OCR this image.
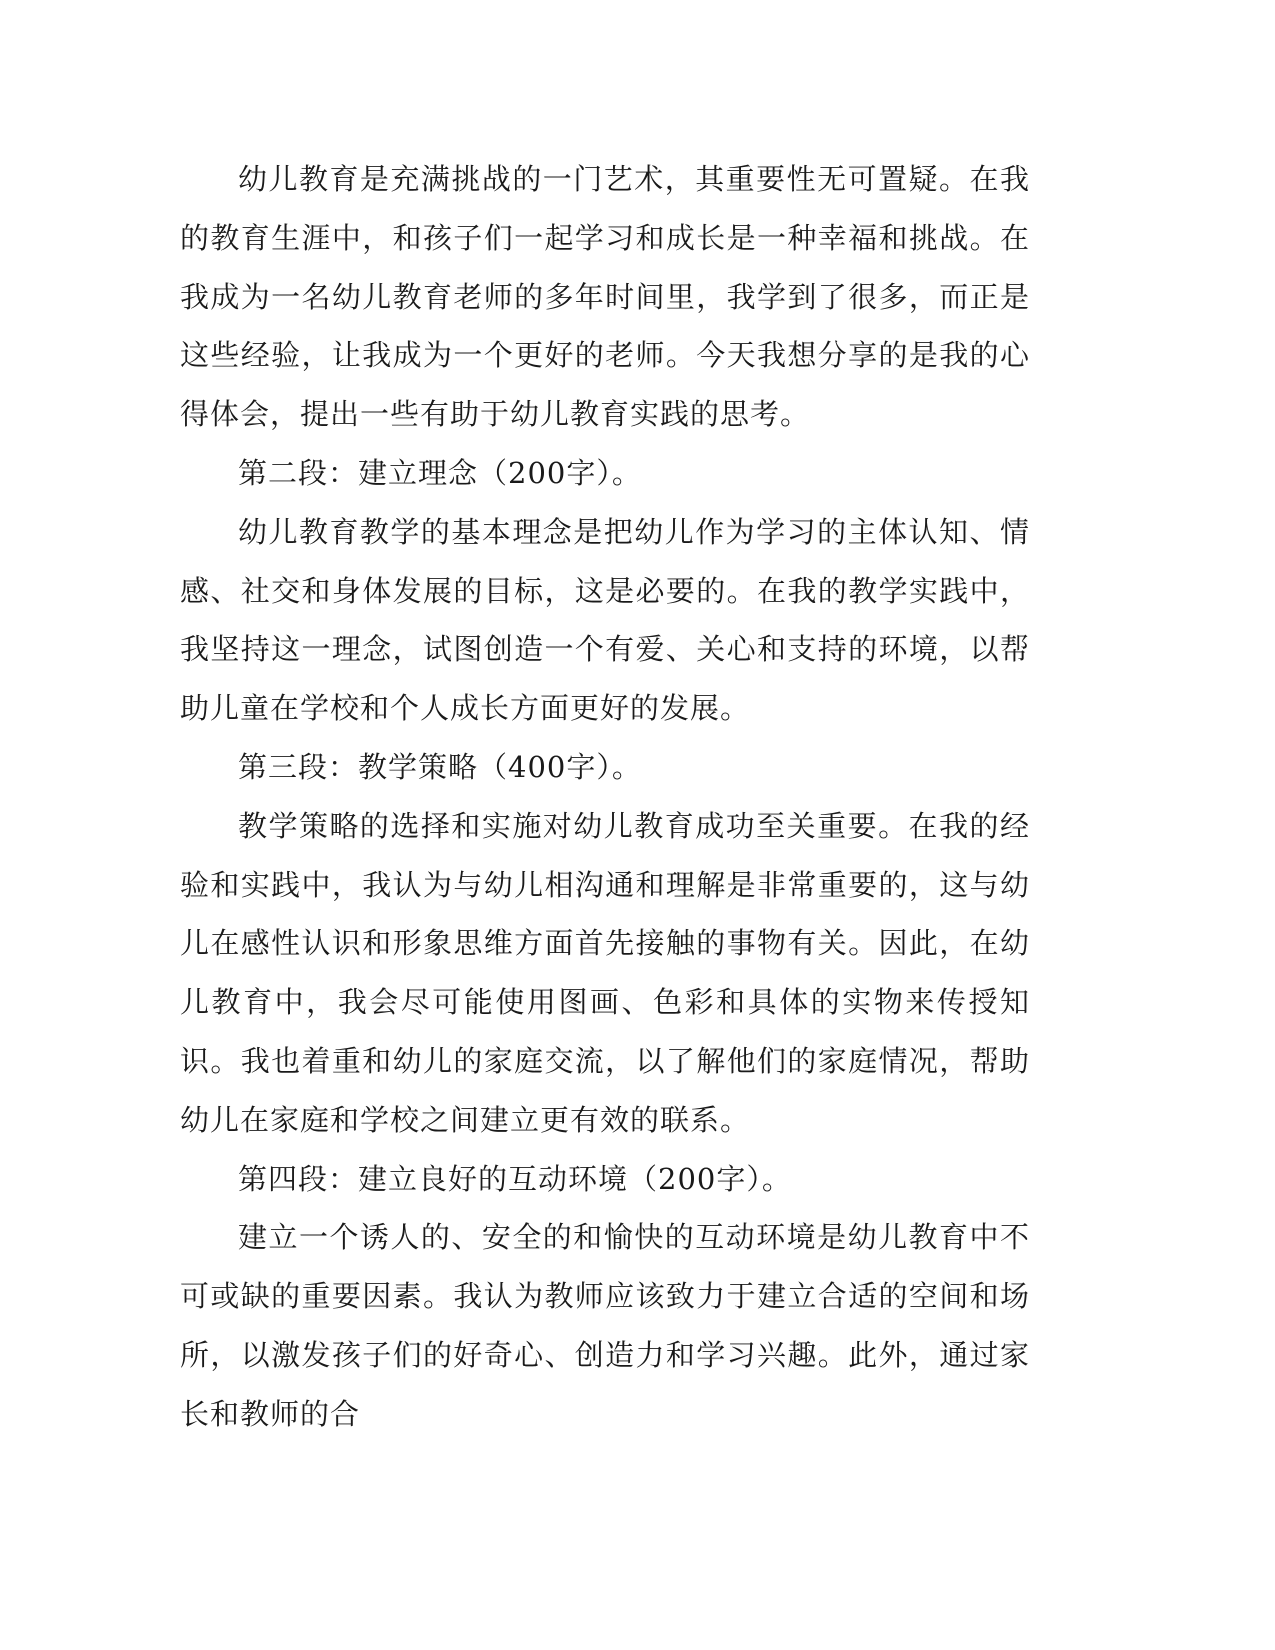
幼儿教育是充满挑战的一门艺术，其重要性无可置疑。在我的教育生涯中，和孩子们一起学习和成长是一种幸福和挑战。在我成为一名幼儿教育老师的多年时间里，我学到了很多，而正是这些经验，让我成为一个更好的老师。今天我想分享的是我的心得体会，提出一些有助于幼儿教育实践的思考。

第二段：建立理念（200字）。

幼儿教育教学的基本理念是把幼儿作为学习的主体认知、情感、社交和身体发展的目标，这是必要的。在我的教学实践中，我坚持这一理念，试图创造一个有爱、关心和支持的环境，以帮助儿童在学校和个人成长方面更好的发展。

第三段：教学策略（400字）。

教学策略的选择和实施对幼儿教育成功至关重要。在我的经验和实践中，我认为与幼儿相沟通和理解是非常重要的，这与幼儿在感性认识和形象思维方面首先接触的事物有关。因此，在幼儿教育中，我会尽可能使用图画、色彩和具体的实物来传授知识。我也着重和幼儿的家庭交流，以了解他们的家庭情况，帮助幼儿在家庭和学校之间建立更有效的联系。

第四段：建立良好的互动环境（200字）。

建立一个诱人的、安全的和愉快的互动环境是幼儿教育中不可或缺的重要因素。我认为教师应该致力于建立合适的空间和场所，以激发孩子们的好奇心、创造力和学习兴趣。此外，通过家长和教师的合
